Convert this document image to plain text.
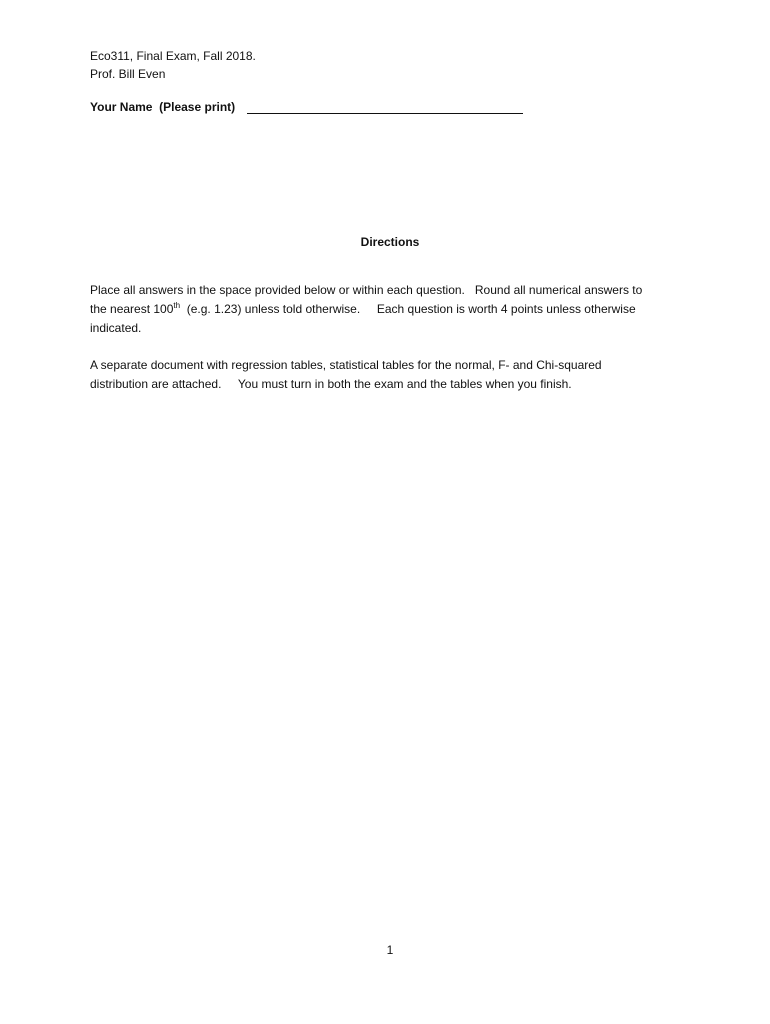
Eco311, Final Exam, Fall 2018.
Prof. Bill Even
Your Name  (Please print)
Directions
Place all answers in the space provided below or within each question.   Round all numerical answers to
the nearest 100th  (e.g. 1.23) unless told otherwise.     Each question is worth 4 points unless otherwise
indicated.
A separate document with regression tables, statistical tables for the normal, F- and Chi-squared
distribution are attached.     You must turn in both the exam and the tables when you finish.
1
